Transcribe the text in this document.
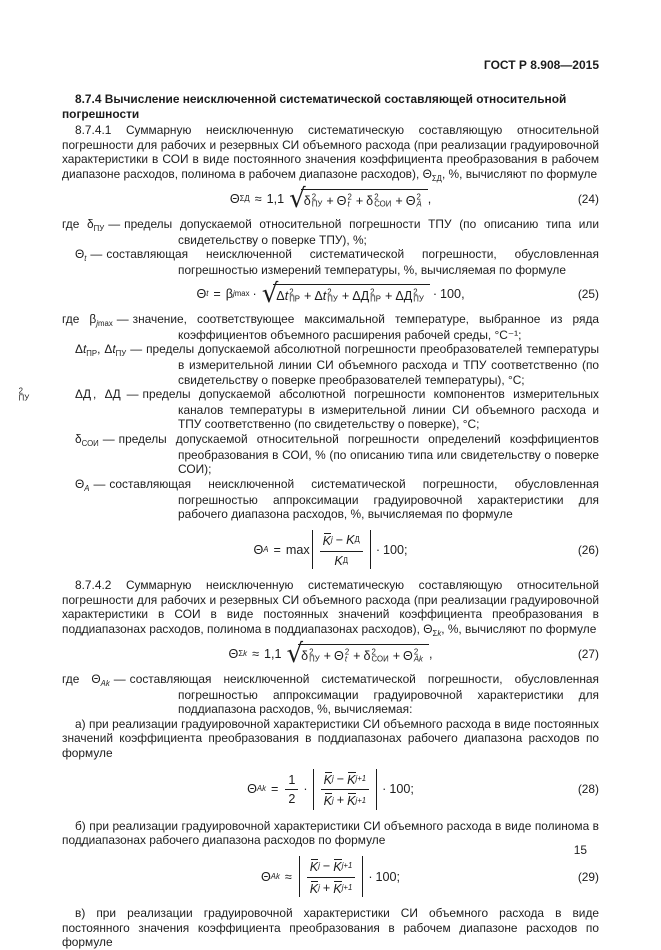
ГОСТ Р 8.908—2015
8.7.4 Вычисление неисключенной систематической составляющей относительной погрешности

8.7.4.1 Суммарную неисключенную систематическую составляющую относительной погрешности для рабочих и резервных СИ объемного расхода (при реализации градуировочной характеристики в СОИ в виде постоянного значения коэффициента преобразования в рабочем диапазоне расходов, полинома в рабочем диапазоне расходов), $\Theta_{\Sigma Д}$, %, вычисляют по формуле

Θ ΣД ≈ 1,1 √
δ 2
ПУ + Θ 2
t + δ 2
СОИ + Θ 2
A ,	(24)
где $\delta_{ПУ}$ — пределы допускаемой относительной погрешности ТПУ (по описанию типа или свидетельству о поверке ТПУ), %;
$\Theta_t$ — составляющая неисключенной систематической погрешности, обусловленная погрешностью измерений температуры, %, вычисляемая по формуле
Θ t = β jmax · √
Δ t 2
ПР + Δ t 2
ПУ + ΔД 2
ПР + ΔД 2
ПУ · 100 ,	(25)
где $\beta_{jmax}$ — значение, соответствующее максимальной температуре, выбранное из ряда коэффициентов объемного расширения рабочей среды, °С⁻¹;
$\Delta t_{ПР}$, $\Delta t_{ПУ}$ — пределы допускаемой абсолютной погрешности преобразователей температуры в измерительной линии СИ объемного расхода и ТПУ соответственно (по свидетельству о поверке преобразователей температуры), °С;
ΔД , ΔД
2
ПУ	— пределы допускаемой абсолютной погрешности компонентов измерительных каналов температуры в измерительной линии СИ объемного расхода и ТПУ соответственно (по свидетельству о поверке), °С;
$\delta_{СОИ}$ — пределы допускаемой относительной погрешности определений коэффициентов преобразования в СОИ, % (по описанию типа или свидетельству о поверке СОИ);
$\Theta_A$ — составляющая неисключенной систематической погрешности, обусловленная погрешностью аппроксимации градуировочной характеристики для рабочего диапазона расходов, %, вычисляемая по формуле
Θ $A = \max \frac{\text{K j − K Д}}{\text{K Д}} \cdot 100$ ;	(26)

8.7.4.2 Суммарную неисключенную систематическую составляющую относительной погрешности для рабочих и резервных СИ объемного расхода (при реализации градуировочной характеристики в СОИ в виде постоянных значений коэффициента преобразования в поддиапазонах расходов, полинома в поддиапазонах расходов), $\Theta_{\Sigma k}$, %, вычисляют по формуле

Θ Σk ≈ 1,1 √
δ 2
ПУ + Θ 2
t + δ 2
СОИ + Θ 2
Ak ,	(27)
где $\Theta_{Ak}$ — составляющая неисключенной систематической погрешности, обусловленная погрешностью аппроксимации градуировочной характеристики для поддиапазона расходов, %, вычисляемая:

а) при реализации градуировочной характеристики СИ объемного расхода в виде постоянных значений коэффициента преобразования в поддиапазонах рабочего диапазона расходов по формуле

Θ $Ak = \frac{1}{2} \cdot \frac{\text{K j − K j+1}}{\text{K j + K j+1}} \cdot 100$ ;	(28)

б) при реализации градуировочной характеристики СИ объемного расхода в виде полинома в поддиапазонах рабочего диапазона расходов по формуле

Θ $Ak \approx \frac{\text{K j − K j+1}}{\text{K j + K j+1}} \cdot 100$ ;	(29)

в) при реализации градуировочной характеристики СИ объемного расхода в виде постоянного значения коэффициента преобразования в рабочем диапазоне расходов по формуле

15
